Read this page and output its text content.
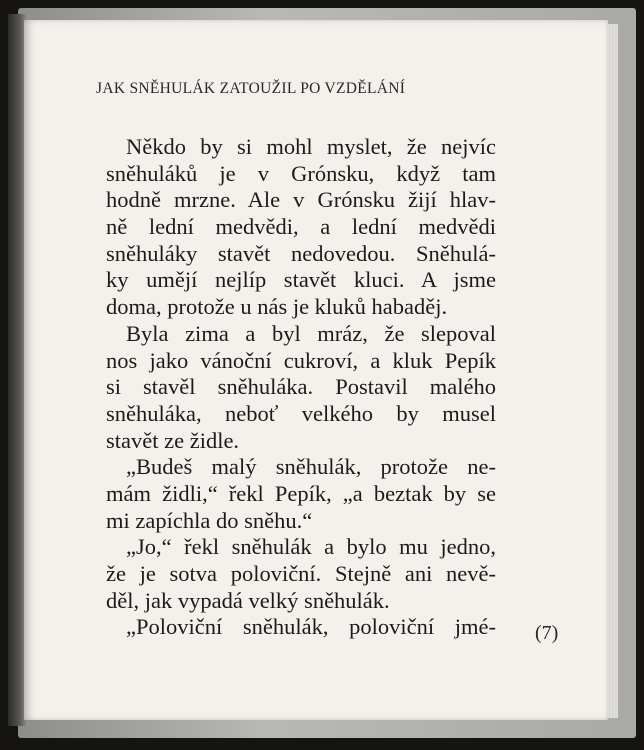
JAK SNĚHULÁK ZATOUŽIL PO VZDĚLÁNÍ
Někdo by si mohl myslet, že nejvíc
sněhuláků je v Grónsku, když tam
hodně mrzne. Ale v Grónsku žijí hlav-
ně lední medvědi, a lední medvědi
sněhuláky stavět nedovedou. Sněhulá-
ky umějí nejlíp stavět kluci. A jsme
doma, protože u nás je kluků habaděj.
Byla zima a byl mráz, že slepoval
nos jako vánoční cukroví, a kluk Pepík
si stavěl sněhuláka. Postavil malého
sněhuláka, neboť velkého by musel
stavět ze židle.
„Budeš malý sněhulák, protože ne-
mám židli,“ řekl Pepík, „a beztak by se
mi zapíchla do sněhu.“
„Jo,“ řekl sněhulák a bylo mu jedno,
že je sotva poloviční. Stejně ani nevě-
děl, jak vypadá velký sněhulák.
„Poloviční sněhulák, poloviční jmé- (7)
